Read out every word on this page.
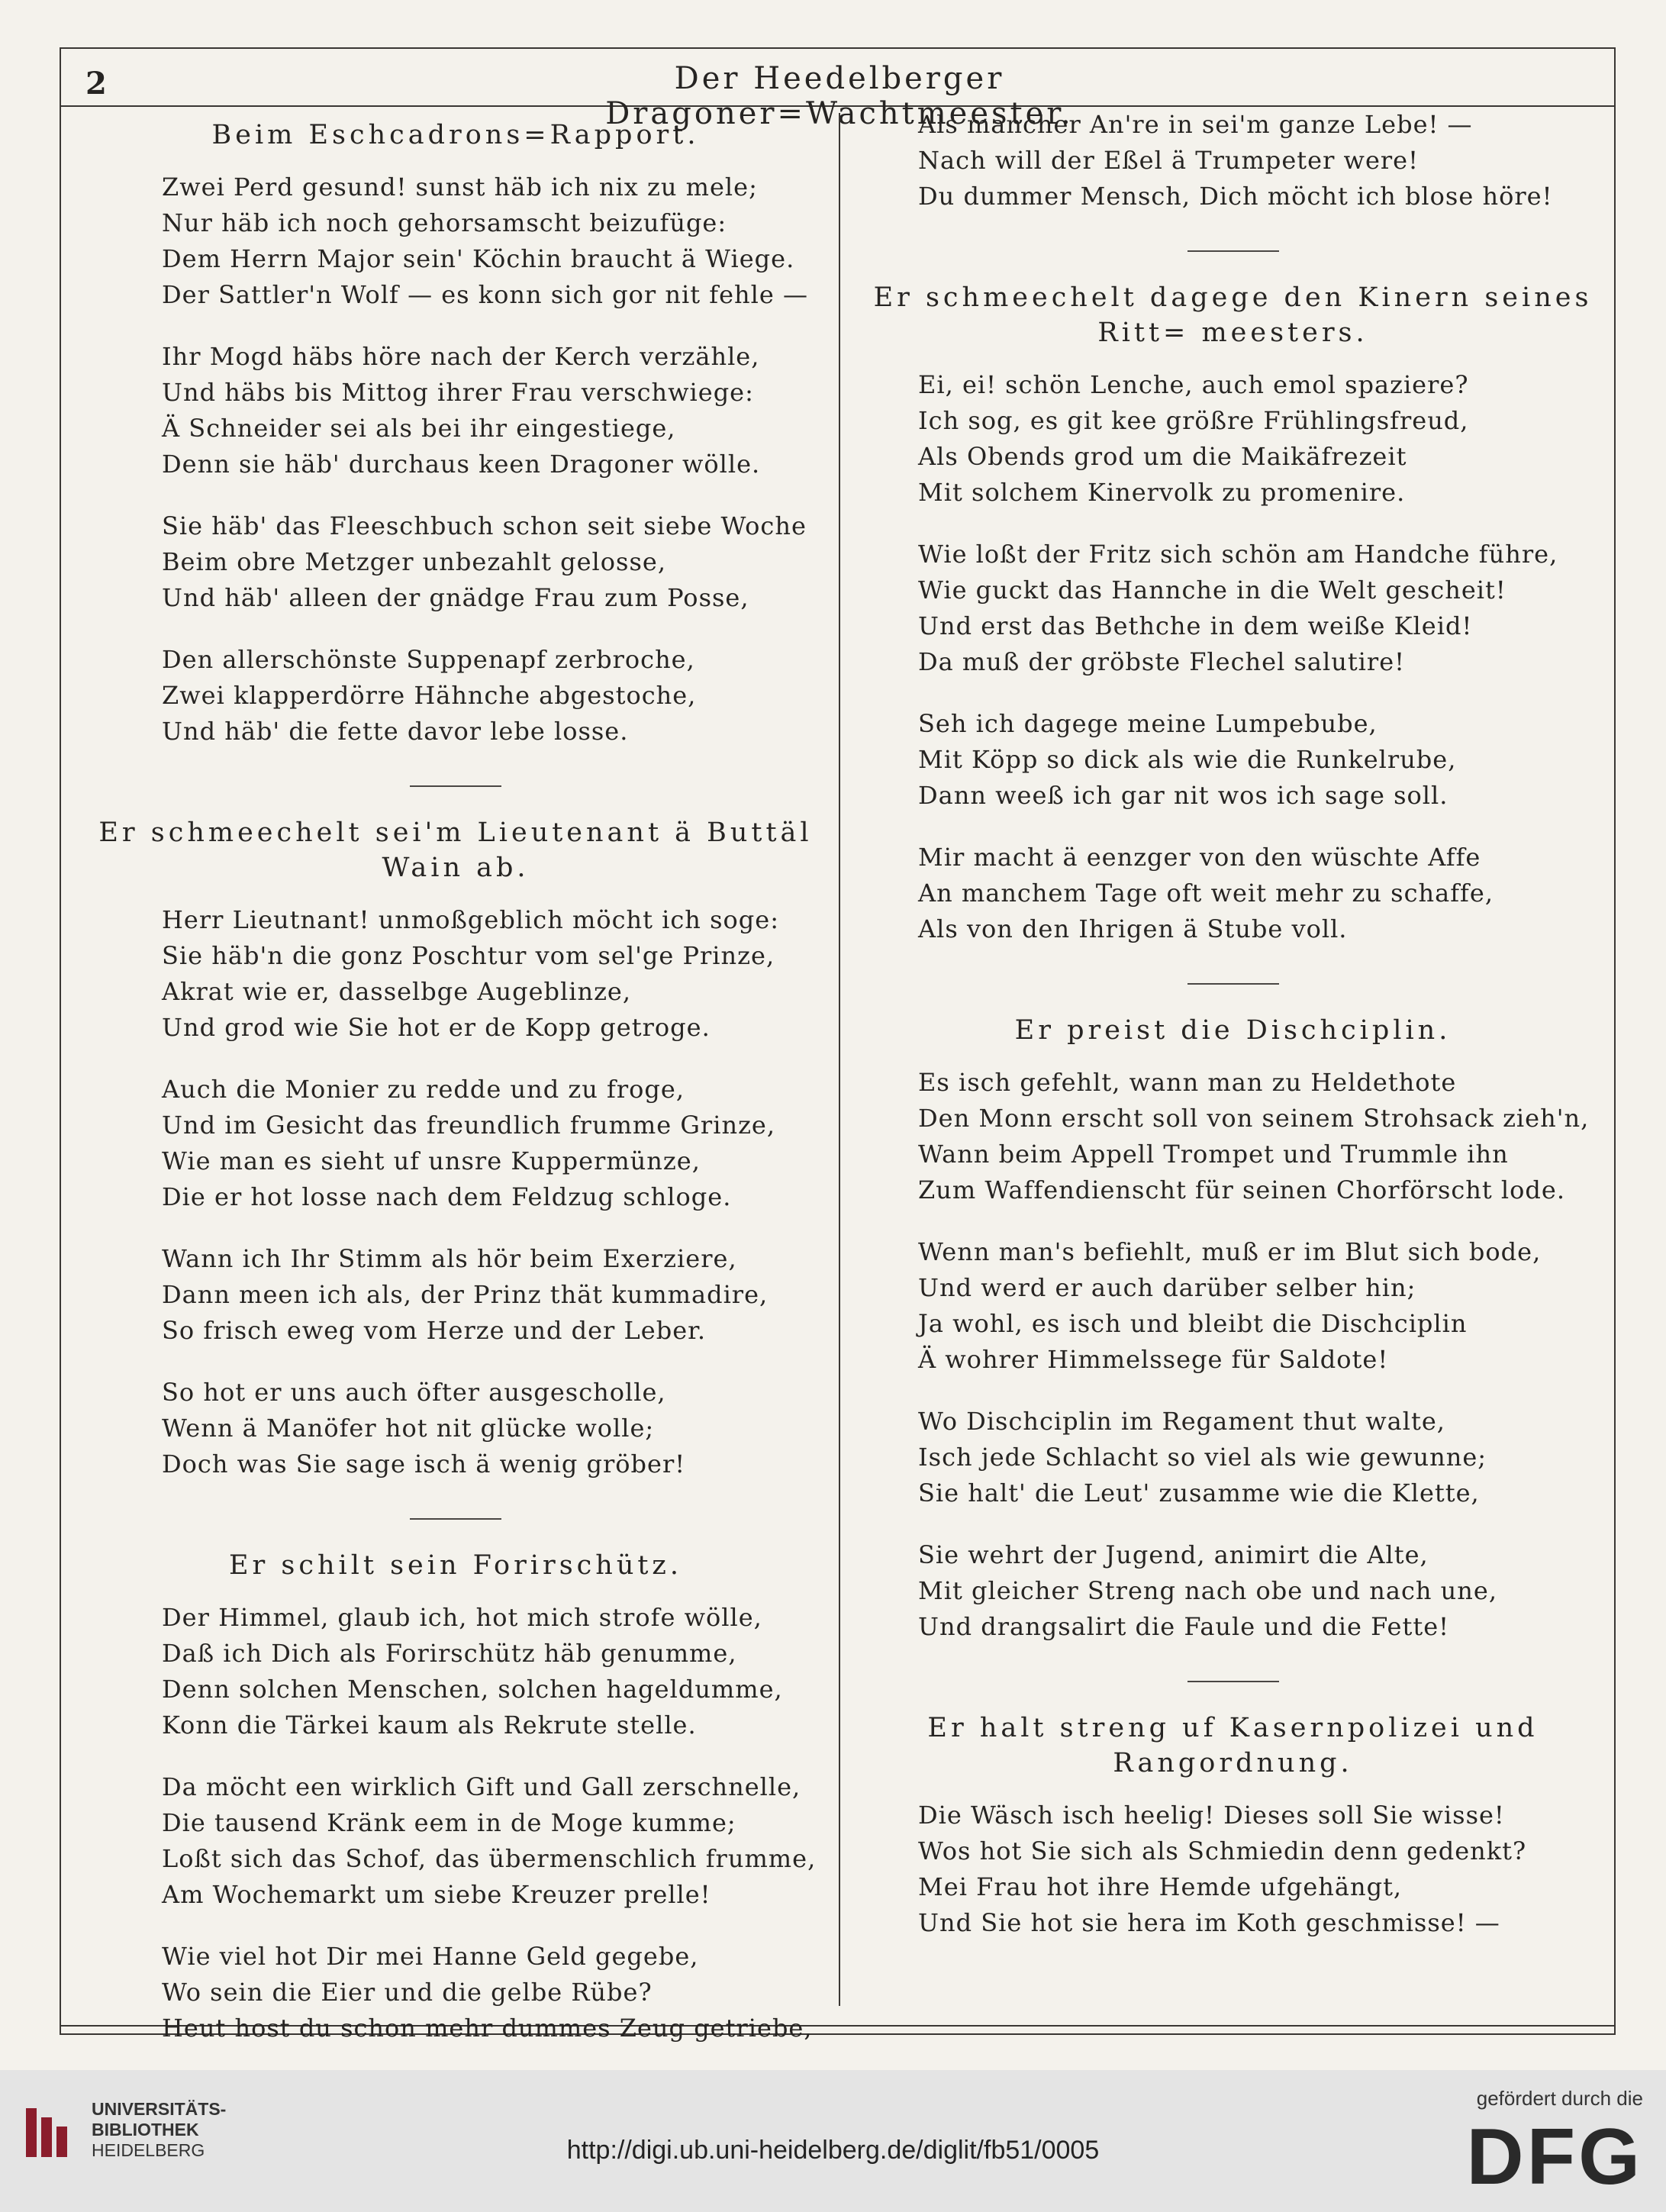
2	Der Heedelberger Dragoner=Wachtmeester.
Beim Eschcadrons=Rapport.
Zwei Perd gesund! sunst häb ich nix zu mele;
Nur häb ich noch gehorsamscht beizufüge:
Dem Herrn Major sein' Köchin braucht ä Wiege.
Der Sattler'n Wolf — es konn sich gor nit fehle —
Ihr Mogd häbs höre nach der Kerch verzähle,
Und häbs bis Mittog ihrer Frau verschwiege:
Ä Schneider sei als bei ihr eingestiege,
Denn sie häb' durchaus keen Dragoner wölle.
Sie häb' das Fleeschbuch schon seit siebe Woche
Beim obre Metzger unbezahlt gelosse,
Und häb' alleen der gnädge Frau zum Posse,
Den allerschönste Suppenapf zerbroche,
Zwei klapperdörre Hähnche abgestoche,
Und häb' die fette davor lebe losse.
Er schmeechelt sei'm Lieutenant ä Buttäl Wain ab.
Herr Lieutnant! unmoßgeblich möcht ich soge:
Sie häb'n die gonz Poschtur vom sel'ge Prinze,
Akrat wie er, dasselbge Augeblinze,
Und grod wie Sie hot er de Kopp getroge.
Auch die Monier zu redde und zu froge,
Und im Gesicht das freundlich frumme Grinze,
Wie man es sieht uf unsre Kuppermünze,
Die er hot losse nach dem Feldzug schloge.
Wann ich Ihr Stimm als hör beim Exerziere,
Dann meen ich als, der Prinz thät kummadire,
So frisch eweg vom Herze und der Leber.
So hot er uns auch öfter ausgescholle,
Wenn ä Manöfer hot nit glücke wolle;
Doch was Sie sage isch ä wenig gröber!
Er schilt sein Forirschütz.
Der Himmel, glaub ich, hot mich strofe wölle,
Daß ich Dich als Forirschütz häb genumme,
Denn solchen Menschen, solchen hageldumme,
Konn die Tärkei kaum als Rekrute stelle.
Da möcht een wirklich Gift und Gall zerschnelle,
Die tausend Kränk eem in de Moge kumme;
Loßt sich das Schof, das übermenschlich frumme,
Am Wochemarkt um siebe Kreuzer prelle!
Wie viel hot Dir mei Hanne Geld gegebe,
Wo sein die Eier und die gelbe Rübe?
Heut host du schon mehr dummes Zeug getriebe,
Als mancher An're in sei'm ganze Lebe! —
Nach will der Eßel ä Trumpeter were!
Du dummer Mensch, Dich möcht ich blose höre!
Er schmeechelt dagege den Kinern seines Ritt= meesters.
Ei, ei! schön Lenche, auch emol spaziere?
Ich sog, es git kee größre Frühlingsfreud,
Als Obends grod um die Maikäfrezeit
Mit solchem Kinervolk zu promenire.
Wie loßt der Fritz sich schön am Handche führe,
Wie guckt das Hannche in die Welt gescheit!
Und erst das Bethche in dem weiße Kleid!
Da muß der gröbste Flechel salutire!
Seh ich dagege meine Lumpebube,
Mit Köpp so dick als wie die Runkelrube,
Dann weeß ich gar nit wos ich sage soll.
Mir macht ä eenzger von den wüschte Affe
An manchem Tage oft weit mehr zu schaffe,
Als von den Ihrigen ä Stube voll.
Er preist die Dischciplin.
Es isch gefehlt, wann man zu Heldethote
Den Monn erscht soll von seinem Strohsack zieh'n,
Wann beim Appell Trompet und Trummle ihn
Zum Waffendienscht für seinen Chorförscht lode.
Wenn man's befiehlt, muß er im Blut sich bode,
Und werd er auch darüber selber hin;
Ja wohl, es isch und bleibt die Dischciplin
Ä wohrer Himmelssege für Saldote!
Wo Dischciplin im Regament thut walte,
Isch jede Schlacht so viel als wie gewunne;
Sie halt' die Leut' zusamme wie die Klette,
Sie wehrt der Jugend, animirt die Alte,
Mit gleicher Streng nach obe und nach une,
Und drangsalirt die Faule und die Fette!
Er halt streng uf Kasernpolizei und Rangordnung.
Die Wäsch isch heelig! Dieses soll Sie wisse!
Wos hot Sie sich als Schmiedin denn gedenkt?
Mei Frau hot ihre Hemde ufgehängt,
Und Sie hot sie hera im Koth geschmisse! —
UNIVERSITÄTS-
BIBLIOTHEK
HEIDELBERG	http://digi.ub.uni-heidelberg.de/diglit/fb51/0005
gefördert durch die
DFG
